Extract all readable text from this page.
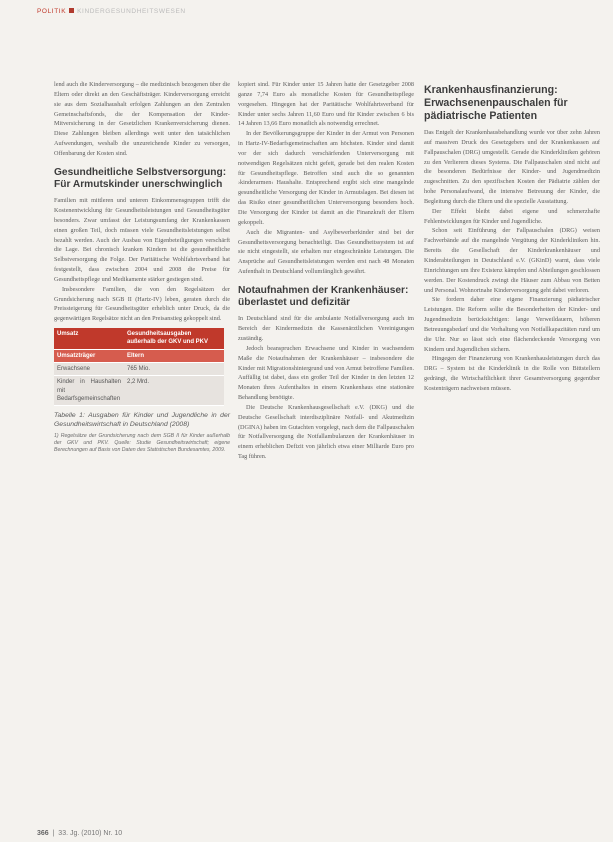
POLITIK KINDERGESUNDHEITSWESEN

lend auch die Kinderversorgung – die medizinisch bezogenen über die Eltern oder direkt an den Geschäftsträger. Kinderversorgung erreicht sie aus dem Sozialhaushalt erfolgen Zahlungen an den Zentralen Gemeinschaftsfonds, die der Kompensation der Kinder-Mitversicherung in der Gesetzlichen Krankenversicherung dienen. Diese Zahlungen bleiben allerdings weit unter den tatsächlichen Aufwendungen, weshalb die unzureichende Kinder zu versorgen, Offenbarung der Kosten sind.

Gesundheitliche Selbstversorgung: Für Armutskinder unerschwinglich

Familien mit mittleren und unteren Einkommensgruppen trifft die Kostenentwicklung für Gesundheitsleistungen und Gesundheitsgüter besonders. Zwar umfasst der Leistungsumfang der Krankenkassen einen großen Teil, doch müssen viele Gesundheitsleistungen selbst bezahlt werden. Auch der Ausbau von Eigenbeteiligungen verschärft die Lage. Bei chronisch kranken Kindern ist die gesundheitliche Selbstversorgung die Folge. Der Paritätische Wohlfahrtsverband hat festgestellt, dass zwischen 2004 und 2008 die Preise für Gesundheitspflege und Medikamente stärker gestiegen sind.

Insbesondere Familien, die von den Regelsätzen der Grundsicherung nach SGB II (Hartz-IV) leben, geraten durch die Preissteigerung für Gesundheitsgüter erheblich unter Druck, da die gegenwärtigen Regelsätze nicht an den Preisanstieg gekoppelt sind.

Umsatz	Gesundheitsausgaben außerhalb der GKV und PKV
Umsatzträger	Eltern
Erwachsene	765 Mio.
Kinder in Haushalten mit Bedarfsgemeinschaften	2,2 Mrd.
Tabelle 1: Ausgaben für Kinder und Jugendliche in der Gesundheitswirtschaft in Deutschland (2008)
1) Regelsätze der Grundsicherung nach dem SGB II für Kinder außerhalb der GKV und PKV. Quelle: Studie Gesundheitswirtschaft; eigene Berechnungen auf Basis von Daten des Statistischen Bundesamtes, 2009.

kopiert sind. Für Kinder unter 15 Jahren hatte der Gesetzgeber 2008 ganze 7,74 Euro als monatliche Kosten für Gesundheitspflege vorgesehen. Hingegen hat der Paritätische Wohlfahrtsverband für Kinder unter sechs Jahren 11,60 Euro und für Kinder zwischen 6 bis 14 Jahren 13,66 Euro monatlich als notwendig errechnet.

In der Bevölkerungsgruppe der Kinder in der Armut von Personen in Hartz-IV-Bedarfsgemeinschaften am höchsten. Kinder sind damit vor der sich dadurch verschärfenden Unterversorgung mit notwendigen Regelsätzen nicht gefeit, gerade bei den realen Kosten für Gesundheitspflege. Betroffen sind auch die so genannten ›kinderarmen‹ Haushalte. Entsprechend ergibt sich eine mangelnde gesundheitliche Versorgung der Kinder in Armutslagen. Bei diesen ist das Risiko einer gesundheitlichen Unterversorgung besonders hoch. Die Versorgung der Kinder ist damit an die Finanzkraft der Eltern gekoppelt.

Auch die Migranten- und Asylbewerberkinder sind bei der Gesundheitsversorgung benachteiligt. Das Gesundheitssystem ist auf sie nicht eingestellt, sie erhalten nur eingeschränkte Leistungen. Die Ansprüche auf Gesundheitsleistungen werden erst nach 48 Monaten Aufenthalt in Deutschland vollumfänglich gewährt.

Notaufnahmen der Krankenhäuser: überlastet und defizitär

In Deutschland sind für die ambulante Notfallversorgung auch im Bereich der Kindermedizin die Kassenärztlichen Vereinigungen zuständig.

Jedoch beanspruchen Erwachsene und Kinder in wachsendem Maße die Notaufnahmen der Krankenhäuser – insbesondere die Kinder mit Migrationshintergrund und von Armut betroffene Familien. Auffällig ist dabei, dass ein großer Teil der Kinder in den letzten 12 Monaten ihres Aufenthaltes in einem Krankenhaus eine stationäre Behandlung benötigte.

Die Deutsche Krankenhausgesellschaft e.V. (DKG) und die Deutsche Gesellschaft interdisziplinäre Notfall- und Akutmedizin (DGINA) haben im Gutachten vorgelegt, nach dem die Fallpauschalen für Notfallversorgung die Notfallambulanzen der Krankenhäuser in einem erheblichen Defizit von jährlich etwa einer Milliarde Euro pro Tag führen.

Krankenhausfinanzierung: Erwachsenenpauschalen für pädiatrische Patienten

Das Entgelt der Krankenhausbehandlung wurde vor über zehn Jahren auf massiven Druck des Gesetzgebers und der Krankenkassen auf Fallpauschalen (DRG) umgestellt. Gerade die Kinderkliniken gehören zu den Verlierern dieses Systems. Die Fallpauschalen sind nicht auf die besonderen Bedürfnisse der Kinder- und Jugendmedizin zugeschnitten. Zu den spezifischen Kosten der Pädiatrie zählen der hohe Personalaufwand, die intensive Betreuung der Kinder, die Begleitung durch die Eltern und die spezielle Ausstattung.

Der Effekt bleibt dabei eigene und schmerzhafte Fehlentwicklungen für Kinder und Jugendliche.

Schon seit Einführung der Fallpauschalen (DRG) weisen Fachverbände auf die mangelnde Vergütung der Kinderkliniken hin. Bereits die Gesellschaft der Kinderkrankenhäuser und Kinderabteilungen in Deutschland e.V. (GKinD) warnt, dass viele Einrichtungen um ihre Existenz kämpfen und Abteilungen geschlossen werden. Der Kostendruck zwingt die Häuser zum Abbau von Betten und Personal. Wohnortnahe Kinderversorgung geht dabei verloren.

Sie fordern daher eine eigene Finanzierung pädiatrischer Leistungen. Die Reform sollte die Besonderheiten der Kinder- und Jugendmedizin berücksichtigen: lange Verweildauern, höheren Betreuungsbedarf und die Vorhaltung von Notfallkapazitäten rund um die Uhr. Nur so lässt sich eine flächendeckende Versorgung von Kindern und Jugendlichen sichern.

Hingegen der Finanzierung von Krankenhausleistungen durch das DRG – System ist die Kinderklinik in die Rolle von Bittstellern gedrängt, die Wirtschaftlichkeit ihrer Gesamtversorgung gegenüber Kostenträgern nachweisen müssen.

366  |  33. Jg. (2010) Nr. 10
